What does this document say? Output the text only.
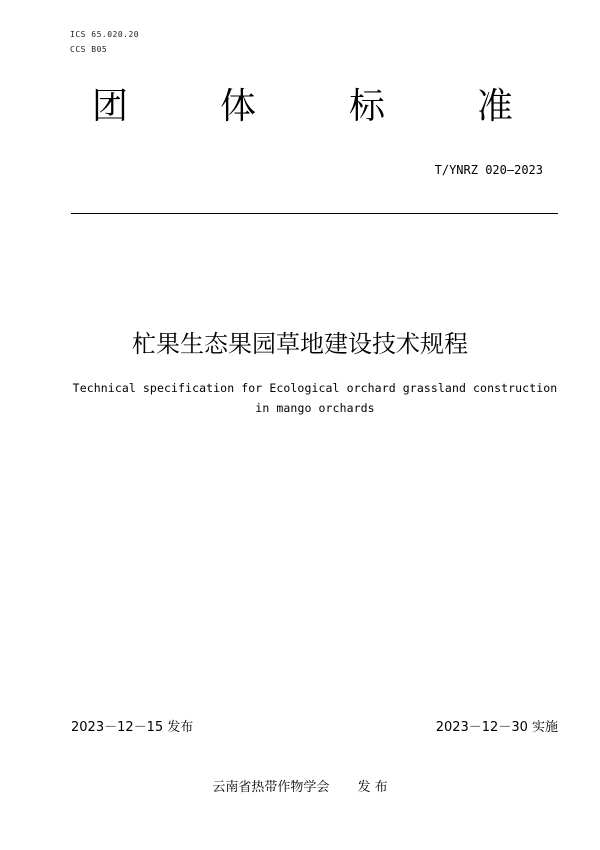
ICS 65.020.20
CCS B05
团	体	标	准
T/YNRZ 020—2023
杧果生态果园草地建设技术规程
Technical specification for Ecological orchard grassland construction
in mango orchards
2023－12－15 发布	2023－12－30 实施
云南省热带作物学会 发 布
